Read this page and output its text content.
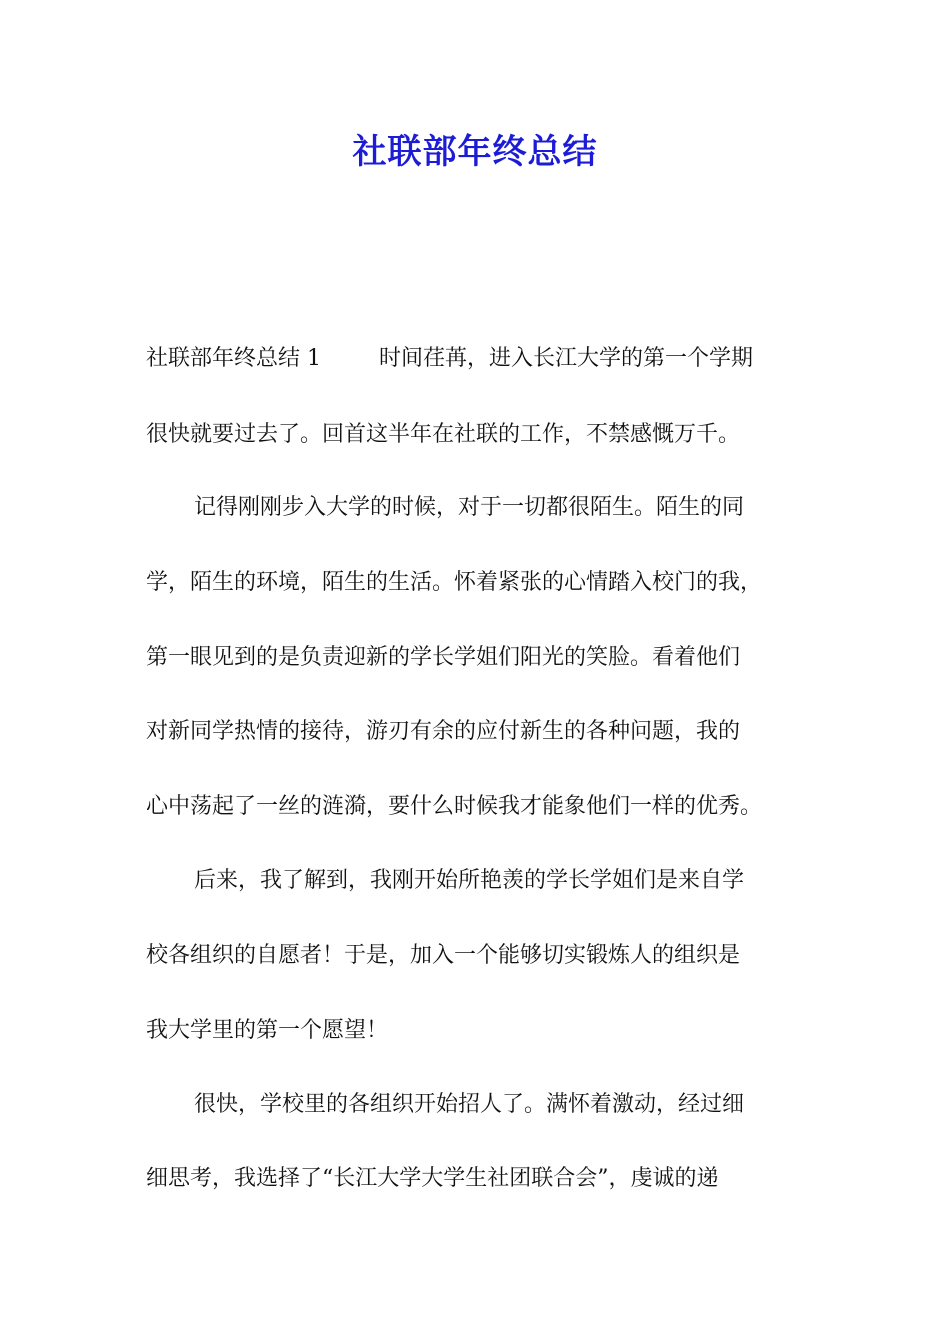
社联部年终总结
社联部年终总结 1	时间荏苒，进入长江大学的第一个学期
很快就要过去了。回首这半年在社联的工作，不禁感慨万千。
记得刚刚步入大学的时候，对于一切都很陌生。陌生的同
学，陌生的环境，陌生的生活。怀着紧张的心情踏入校门的我，
第一眼见到的是负责迎新的学长学姐们阳光的笑脸。看着他们
对新同学热情的接待，游刃有余的应付新生的各种问题，我的
心中荡起了一丝的涟漪，要什么时候我才能象他们一样的优秀。
后来，我了解到，我刚开始所艳羡的学长学姐们是来自学
校各组织的自愿者！于是，加入一个能够切实锻炼人的组织是
我大学里的第一个愿望！
很快，学校里的各组织开始招人了。满怀着激动，经过细
细思考，我选择了“长江大学大学生社团联合会”，虔诚的递
